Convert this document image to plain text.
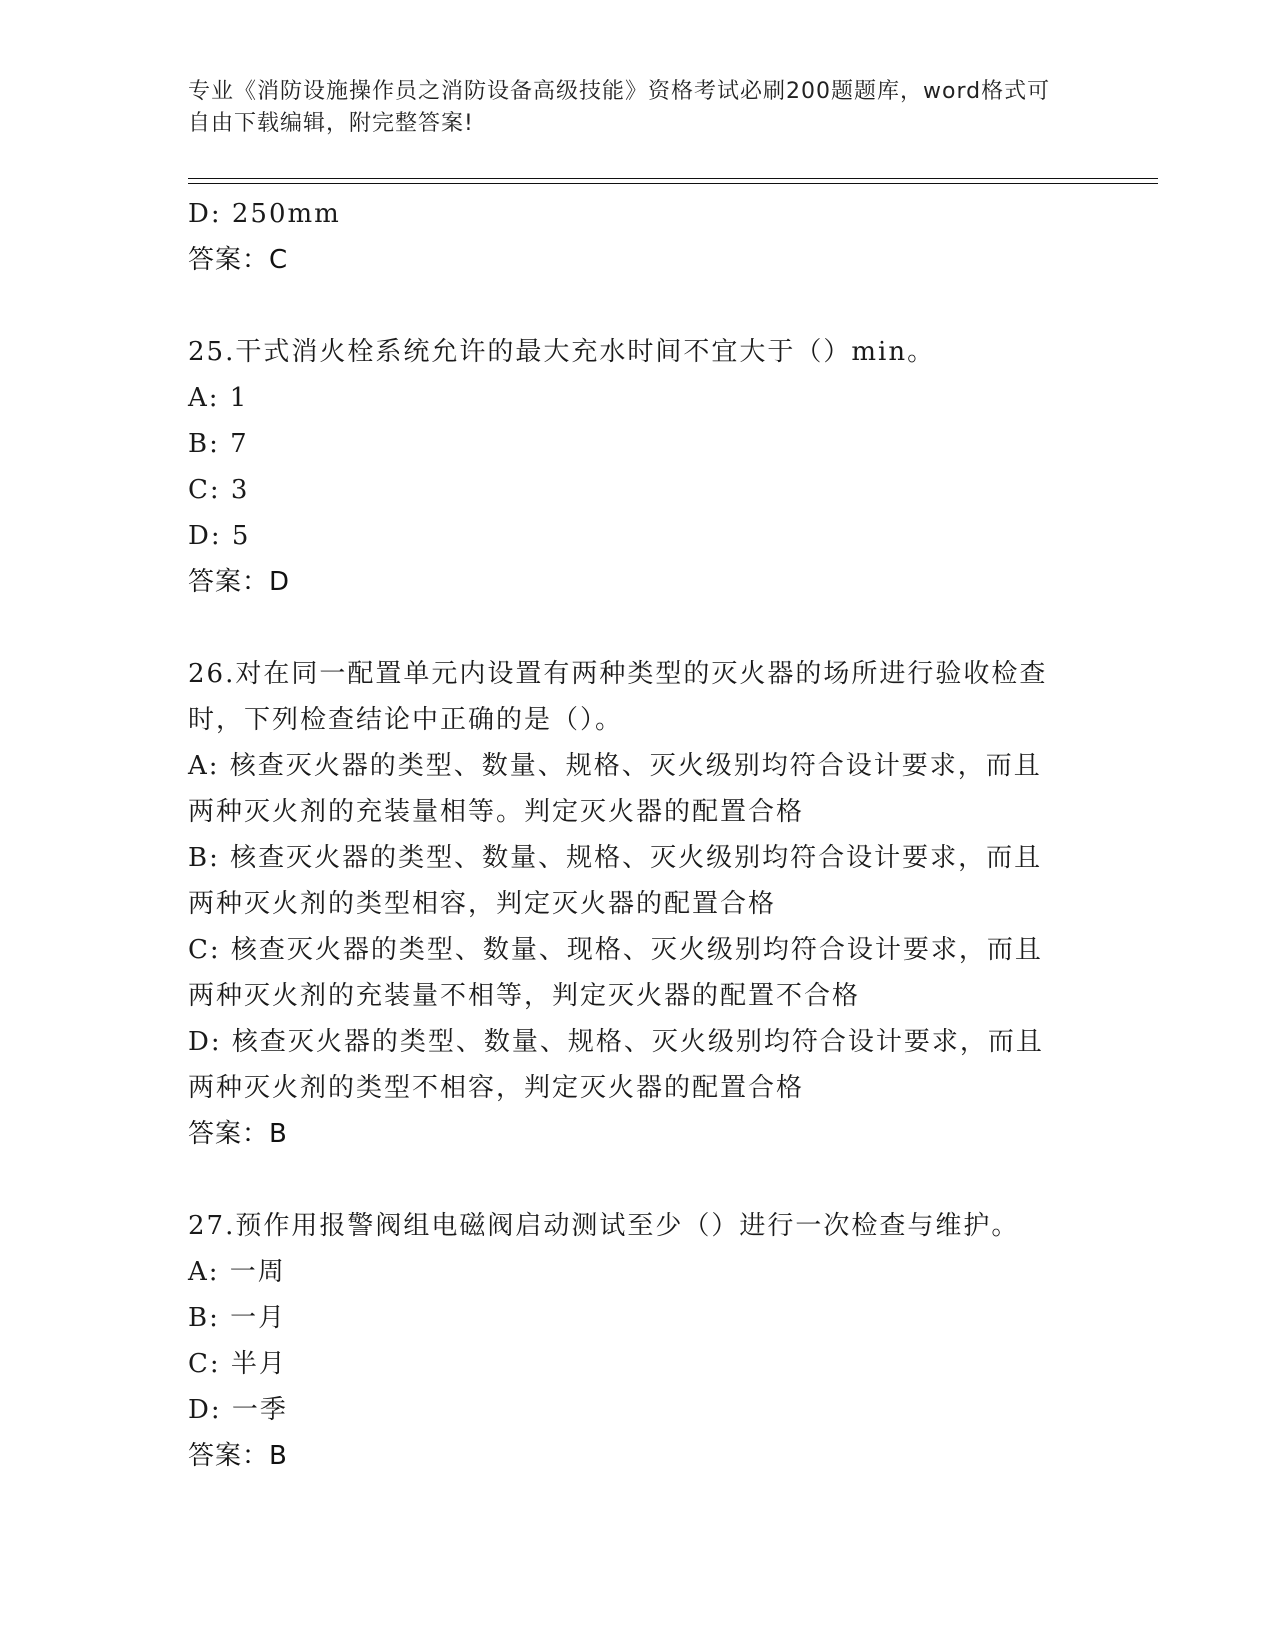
专业《消防设施操作员之消防设备高级技能》资格考试必刷200题题库，word格式可自由下载编辑，附完整答案!
D: 250mm
答案：C
25.干式消火栓系统允许的最大充水时间不宜大于（）min。
A: 1
B: 7
C: 3
D: 5
答案：D
26.对在同一配置单元内设置有两种类型的灭火器的场所进行验收检查
时，下列检查结论中正确的是（）。
A: 核查灭火器的类型、数量、规格、灭火级别均符合设计要求，而且
两种灭火剂的充装量相等。判定灭火器的配置合格
B: 核查灭火器的类型、数量、规格、灭火级别均符合设计要求，而且
两种灭火剂的类型相容，判定灭火器的配置合格
C: 核查灭火器的类型、数量、现格、灭火级别均符合设计要求，而且
两种灭火剂的充装量不相等，判定灭火器的配置不合格
D: 核查灭火器的类型、数量、规格、灭火级别均符合设计要求，而且
两种灭火剂的类型不相容，判定灭火器的配置合格
答案：B
27.预作用报警阀组电磁阀启动测试至少（）进行一次检查与维护。
A: 一周
B: 一月
C: 半月
D: 一季
答案：B
